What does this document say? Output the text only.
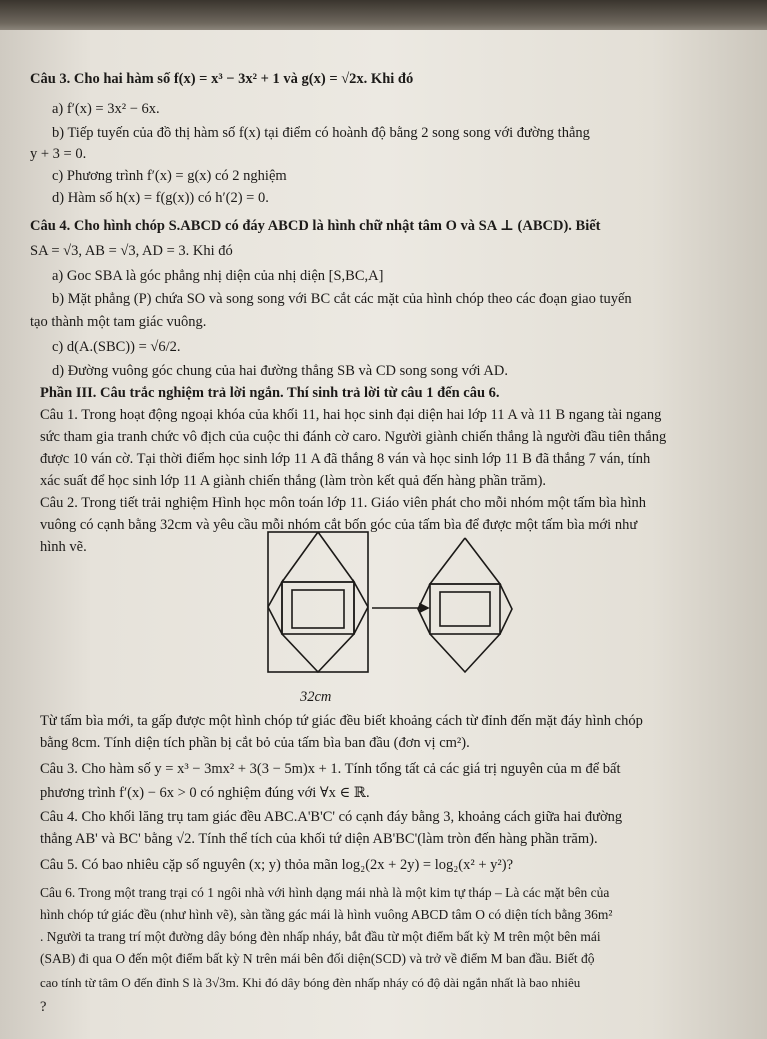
Câu 3. Cho hai hàm số f(x) = x³ − 3x² + 1 và g(x) = √2x. Khi đó
a) f′(x) = 3x² − 6x.
b) Tiếp tuyến của đồ thị hàm số f(x) tại điểm có hoành độ bằng 2 song song với đường thẳng
y + 3 = 0.
c) Phương trình f′(x) = g(x) có 2 nghiệm
d) Hàm số h(x) = f(g(x)) có h′(2) = 0.
Câu 4. Cho hình chóp S.ABCD có đáy ABCD là hình chữ nhật tâm O và SA ⊥ (ABCD). Biết
SA = √3, AB = √3, AD = 3. Khi đó
a) Goc SBA là góc phẳng nhị diện của nhị diện [S,BC,A]
b) Mặt phẳng (P) chứa SO và song song với BC cắt các mặt của hình chóp theo các đoạn giao tuyến
tạo thành một tam giác vuông.
c) d(A.(SBC)) = √6/2.
d) Đường vuông góc chung của hai đường thẳng SB và CD song song với AD.
Phần III. Câu trắc nghiệm trả lời ngắn. Thí sinh trả lời từ câu 1 đến câu 6.
Câu 1. Trong hoạt động ngoại khóa của khối 11, hai học sinh đại diện hai lớp 11 A và 11 B ngang tài ngang
sức tham gia tranh chức vô địch của cuộc thi đánh cờ caro. Người giành chiến thắng là người đầu tiên thắng
được 10 ván cờ. Tại thời điểm học sinh lớp 11 A đã thắng 8 ván và học sinh lớp 11 B đã thắng 7 ván, tính
xác suất để học sinh lớp 11 A giành chiến thắng (làm tròn kết quả đến hàng phần trăm).
Câu 2. Trong tiết trải nghiệm Hình học môn toán lớp 11. Giáo viên phát cho mỗi nhóm một tấm bìa hình
vuông có cạnh bằng 32cm và yêu cầu mỗi nhóm cắt bốn góc của tấm bìa để được một tấm bìa mới như
hình vẽ.
32cm
Từ tấm bìa mới, ta gấp được một hình chóp tứ giác đều biết khoảng cách từ đỉnh đến mặt đáy hình chóp
bằng 8cm. Tính diện tích phần bị cắt bỏ của tấm bìa ban đầu (đơn vị cm²).
Câu 3. Cho hàm số y = x³ − 3mx² + 3(3 − 5m)x + 1. Tính tổng tất cả các giá trị nguyên của m để bất
phương trình f′(x) − 6x > 0 có nghiệm đúng với ∀x ∈ ℝ.
Câu 4. Cho khối lăng trụ tam giác đều ABC.A'B'C' có cạnh đáy bằng 3, khoảng cách giữa hai đường
thẳng AB' và BC' bằng √2. Tính thể tích của khối tứ diện AB'BC'(làm tròn đến hàng phần trăm).
Câu 5. Có bao nhiêu cặp số nguyên (x; y) thỏa mãn log₂(2x + 2y) = log₂(x² + y²)?
Câu 6. Trong một trang trại có 1 ngôi nhà với hình dạng mái nhà là một kim tự tháp – Là các mặt bên của
hình chóp tứ giác đều (như hình vẽ), sàn tầng gác mái là hình vuông ABCD tâm O có diện tích bằng 36m²
. Người ta trang trí một đường dây bóng đèn nhấp nháy, bắt đầu từ một điểm bất kỳ M trên một bên mái
(SAB) đi qua O đến một điểm bất kỳ N trên mái bên đối diện(SCD) và trở về điểm M ban đầu. Biết độ
cao tính từ tâm O đến đỉnh S là 3√3m. Khi đó dây bóng đèn nhấp nháy có độ dài ngắn nhất là bao nhiêu
?
